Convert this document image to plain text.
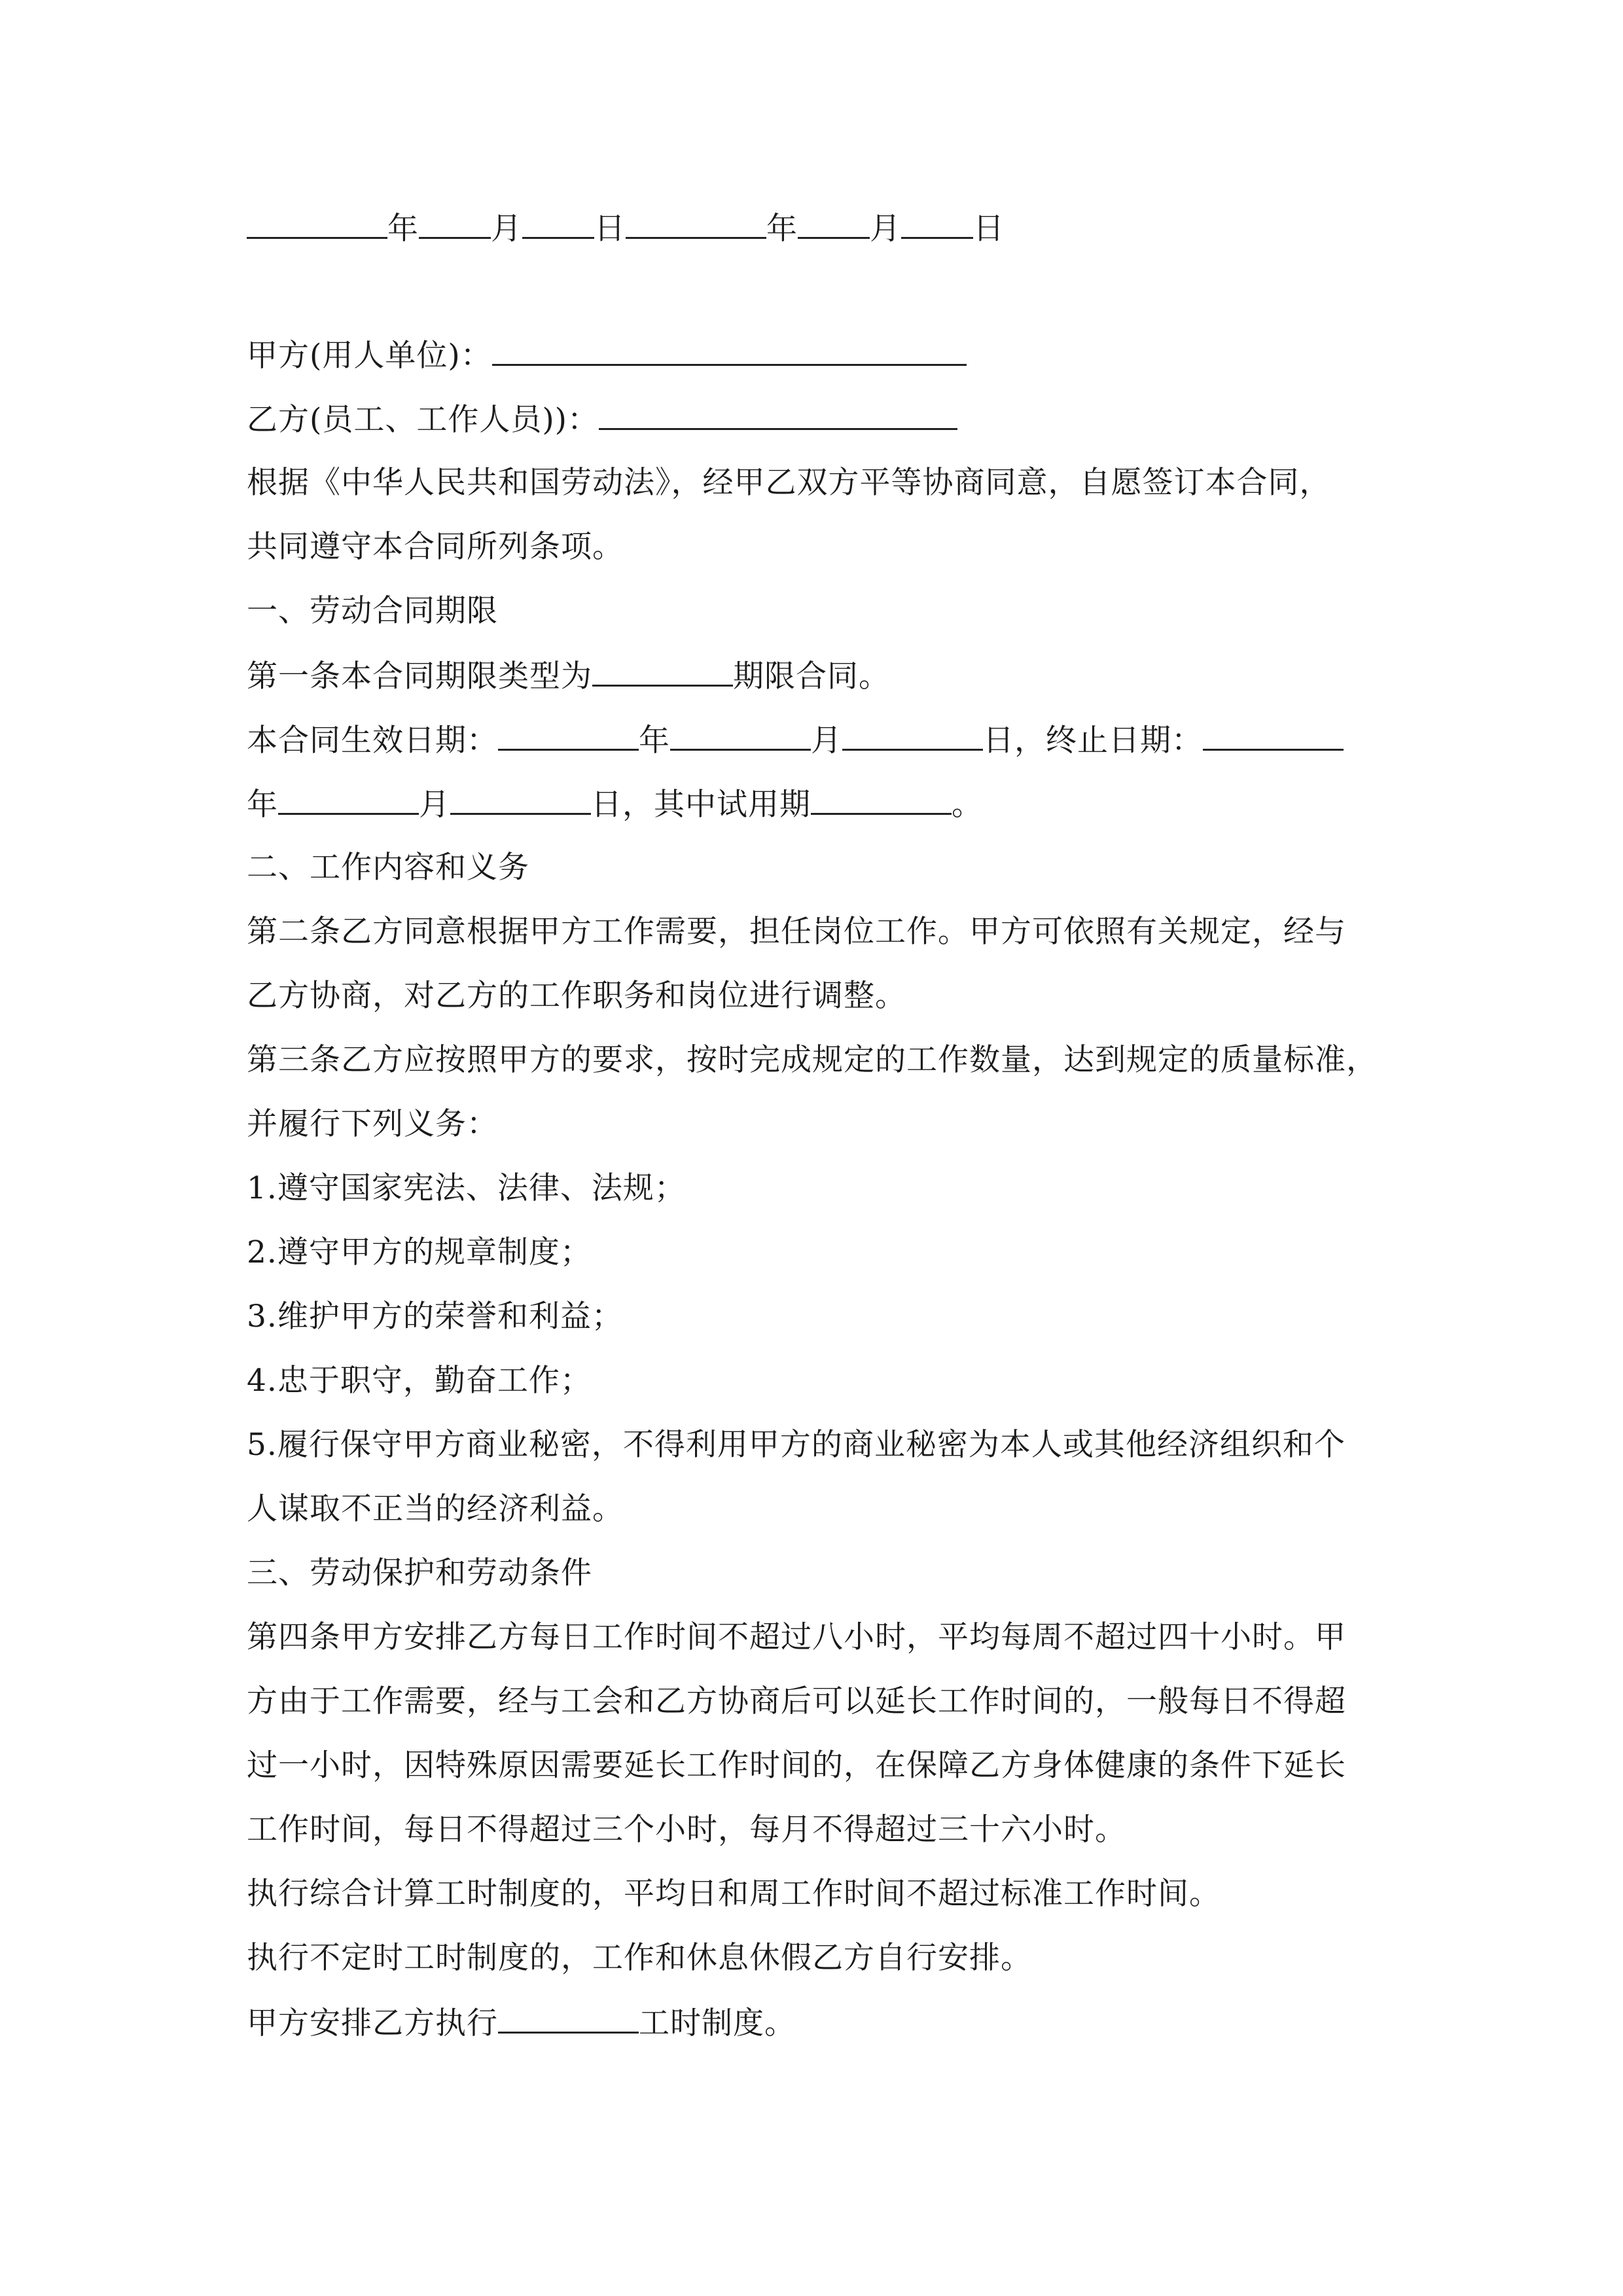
年 月 日	年 月 日
甲方(用人单位)：
乙方(员工、工作人员))：
根据《中华人民共和国劳动法》，经甲乙双方平等协商同意，自愿签订本合同，
共同遵守本合同所列条项。
一、劳动合同期限
第一条本合同期限类型为	期限合同。
本合同生效日期：	年	月	日，终止日期：
年	月	日，其中试用期	。
二、工作内容和义务
第二条乙方同意根据甲方工作需要，担任岗位工作。甲方可依照有关规定，经与
乙方协商，对乙方的工作职务和岗位进行调整。
第三条乙方应按照甲方的要求，按时完成规定的工作数量，达到规定的质量标准，
并履行下列义务：
1.遵守国家宪法、法律、法规；
2.遵守甲方的规章制度；
3.维护甲方的荣誉和利益；
4.忠于职守，勤奋工作；
5.履行保守甲方商业秘密，不得利用甲方的商业秘密为本人或其他经济组织和个
人谋取不正当的经济利益。
三、劳动保护和劳动条件
第四条甲方安排乙方每日工作时间不超过八小时，平均每周不超过四十小时。甲
方由于工作需要，经与工会和乙方协商后可以延长工作时间的，一般每日不得超
过一小时，因特殊原因需要延长工作时间的，在保障乙方身体健康的条件下延长
工作时间，每日不得超过三个小时，每月不得超过三十六小时。
执行综合计算工时制度的，平均日和周工作时间不超过标准工作时间。
执行不定时工时制度的，工作和休息休假乙方自行安排。
甲方安排乙方执行	工时制度。
